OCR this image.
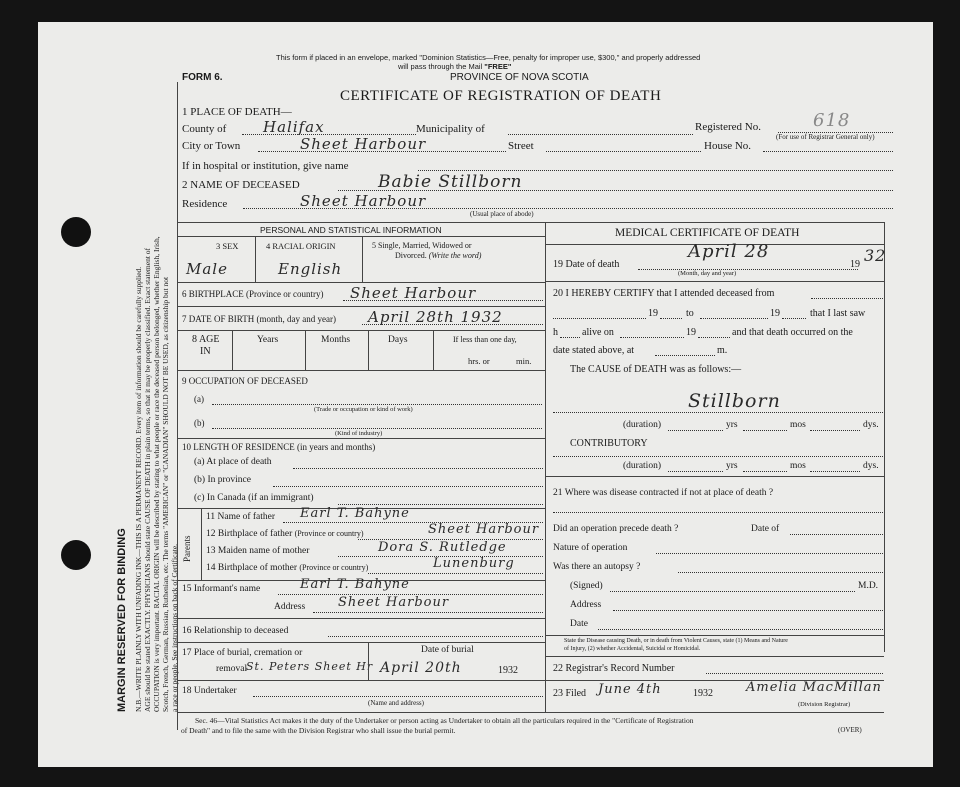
MARGIN RESERVED FOR BINDING N.B.—WRITE PLAINLY WITH UNFADING INK—THIS IS A PERMANENT RECORD. Every item of information should be carefully supplied. AGE should be stated EXACTLY. PHYSICIANS should state CAUSE OF DEATH in plain terms, so that it may be properly classified. Exact statement of OCCUPATION is very important. RACIAL ORIGIN will be described by stating to what people or race the deceased person belonged, whether English, Irish, Scotch, French, German, Russian, Ruthenian, etc. The terms "AMERICAN" or "CANADIAN" SHOULD NOT BE USED, as citizenship but not a race or people. See instructions on back of Certificate.
This form if placed in an envelope, marked "Dominion Statistics—Free, penalty for improper use, $300," and properly addressed
will pass through the Mail "FREE"
FORM 6.	PROVINCE OF NOVA SCOTIA
CERTIFICATE OF REGISTRATION OF DEATH
1 PLACE OF DEATH—
County of Halifax	Municipality of	Registered No.	618
(For use of Registrar General only)
City or Town	Sheet Harbour	Street	House No.
If in hospital or institution, give name
2 NAME OF DECEASED	Babie Stillborn
Residence	Sheet Harbour
(Usual place of abode)
PERSONAL AND STATISTICAL INFORMATION
3 SEX	4 RACIAL ORIGIN	5 Single, Married, Widowed or
Divorced. (Write the word)
Male	English
6 BIRTHPLACE (Province or country) Sheet Harbour
7 DATE OF BIRTH (month, day and year) April 28th 1932
8 AGE
IN
Years	Months	Days	If less than one day,
hrs. or	min.
9 OCCUPATION OF DECEASED
(a)
(Trade or occupation or kind of work)
(b)
(Kind of industry)
10 LENGTH OF RESIDENCE (in years and months)
(a) At place of death
(b) In province
(c) In Canada (if an immigrant)
Parents
11 Name of father Earl T. Bahyne
12 Birthplace of father (Province or country)	Sheet Harbour
13 Maiden name of mother	Dora S. Rutledge
14 Birthplace of mother (Province or country)	Lunenburg
15 Informant's name	Earl T. Bahyne
Address	Sheet Harbour
16 Relationship to deceased
17 Place of burial, cremation or
removal
St. Peters Sheet Hr
Date of burial
April 20th	1932
18 Undertaker
(Name and address)
MEDICAL CERTIFICATE OF DEATH
19 Date of death
April 28
(Month, day and year)
19 32
20 I HEREBY CERTIFY that I attended deceased from
19	to	19	that I last saw
h alive on	19	and that death occurred on the
date stated above, at	m.
The CAUSE of DEATH was as follows:—
Stillborn
(duration)	yrs	mos	dys.
CONTRIBUTORY
(duration)	yrs	mos	dys.
21 Where was disease contracted if not at place of death ?
Did an operation precede death ?	Date of
Nature of operation
Was there an autopsy ?
(Signed)	M.D.
Address
Date
State the Disease causing Death, or in death from Violent Causes, state (1) Means and Nature
of Injury, (2) whether Accidental, Suicidal or Homicidal.
22 Registrar's Record Number
23 Filed June 4th	1932	Amelia MacMillan
(Division Registrar)
Sec. 46—Vital Statistics Act makes it the duty of the Undertaker or person acting as Undertaker to obtain all the particulars required in the "Certificate of Registration
of Death" and to file the same with the Division Registrar who shall issue the burial permit.	(OVER)
